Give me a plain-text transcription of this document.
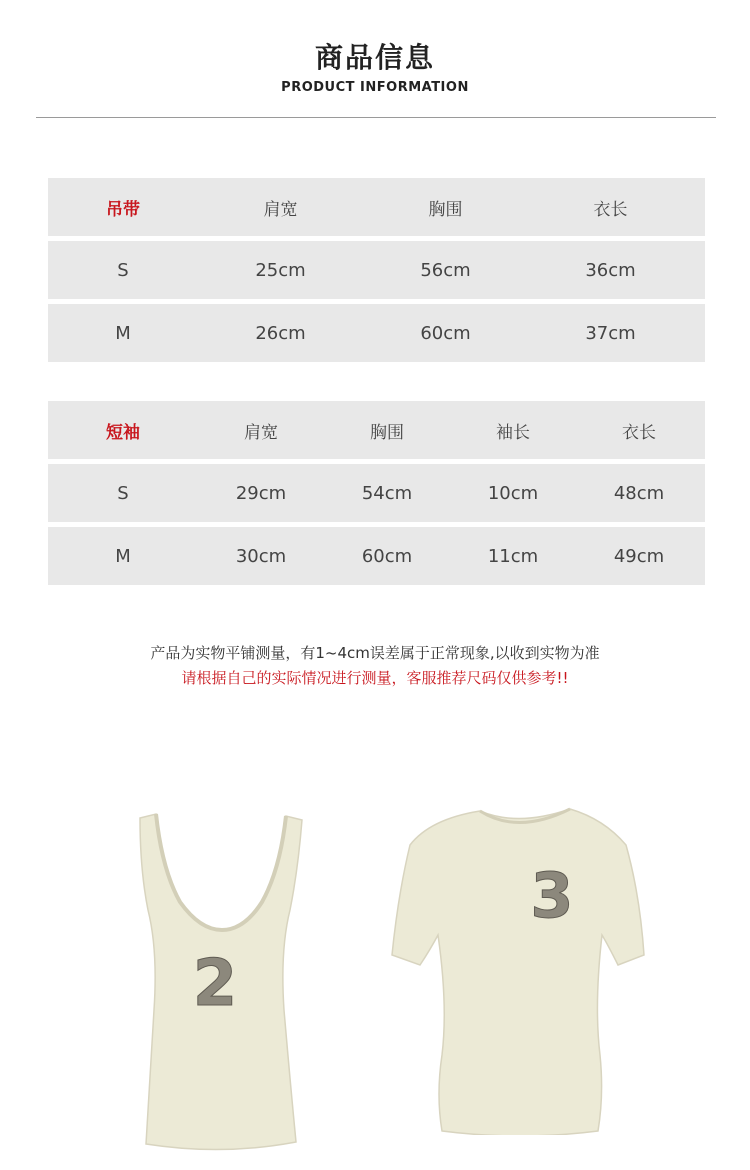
商品信息
PRODUCT INFORMATION
吊带	肩宽	胸围	衣长
S	25cm	56cm	36cm
M	26cm	60cm	37cm
短袖	肩宽	胸围	袖长	衣长
S	29cm	54cm	10cm	48cm
M	30cm	60cm	11cm	49cm
产品为实物平铺测量，有1~4cm误差属于正常现象,以收到实物为准
请根据自己的实际情况进行测量，客服推荐尺码仅供参考!!
2
3
